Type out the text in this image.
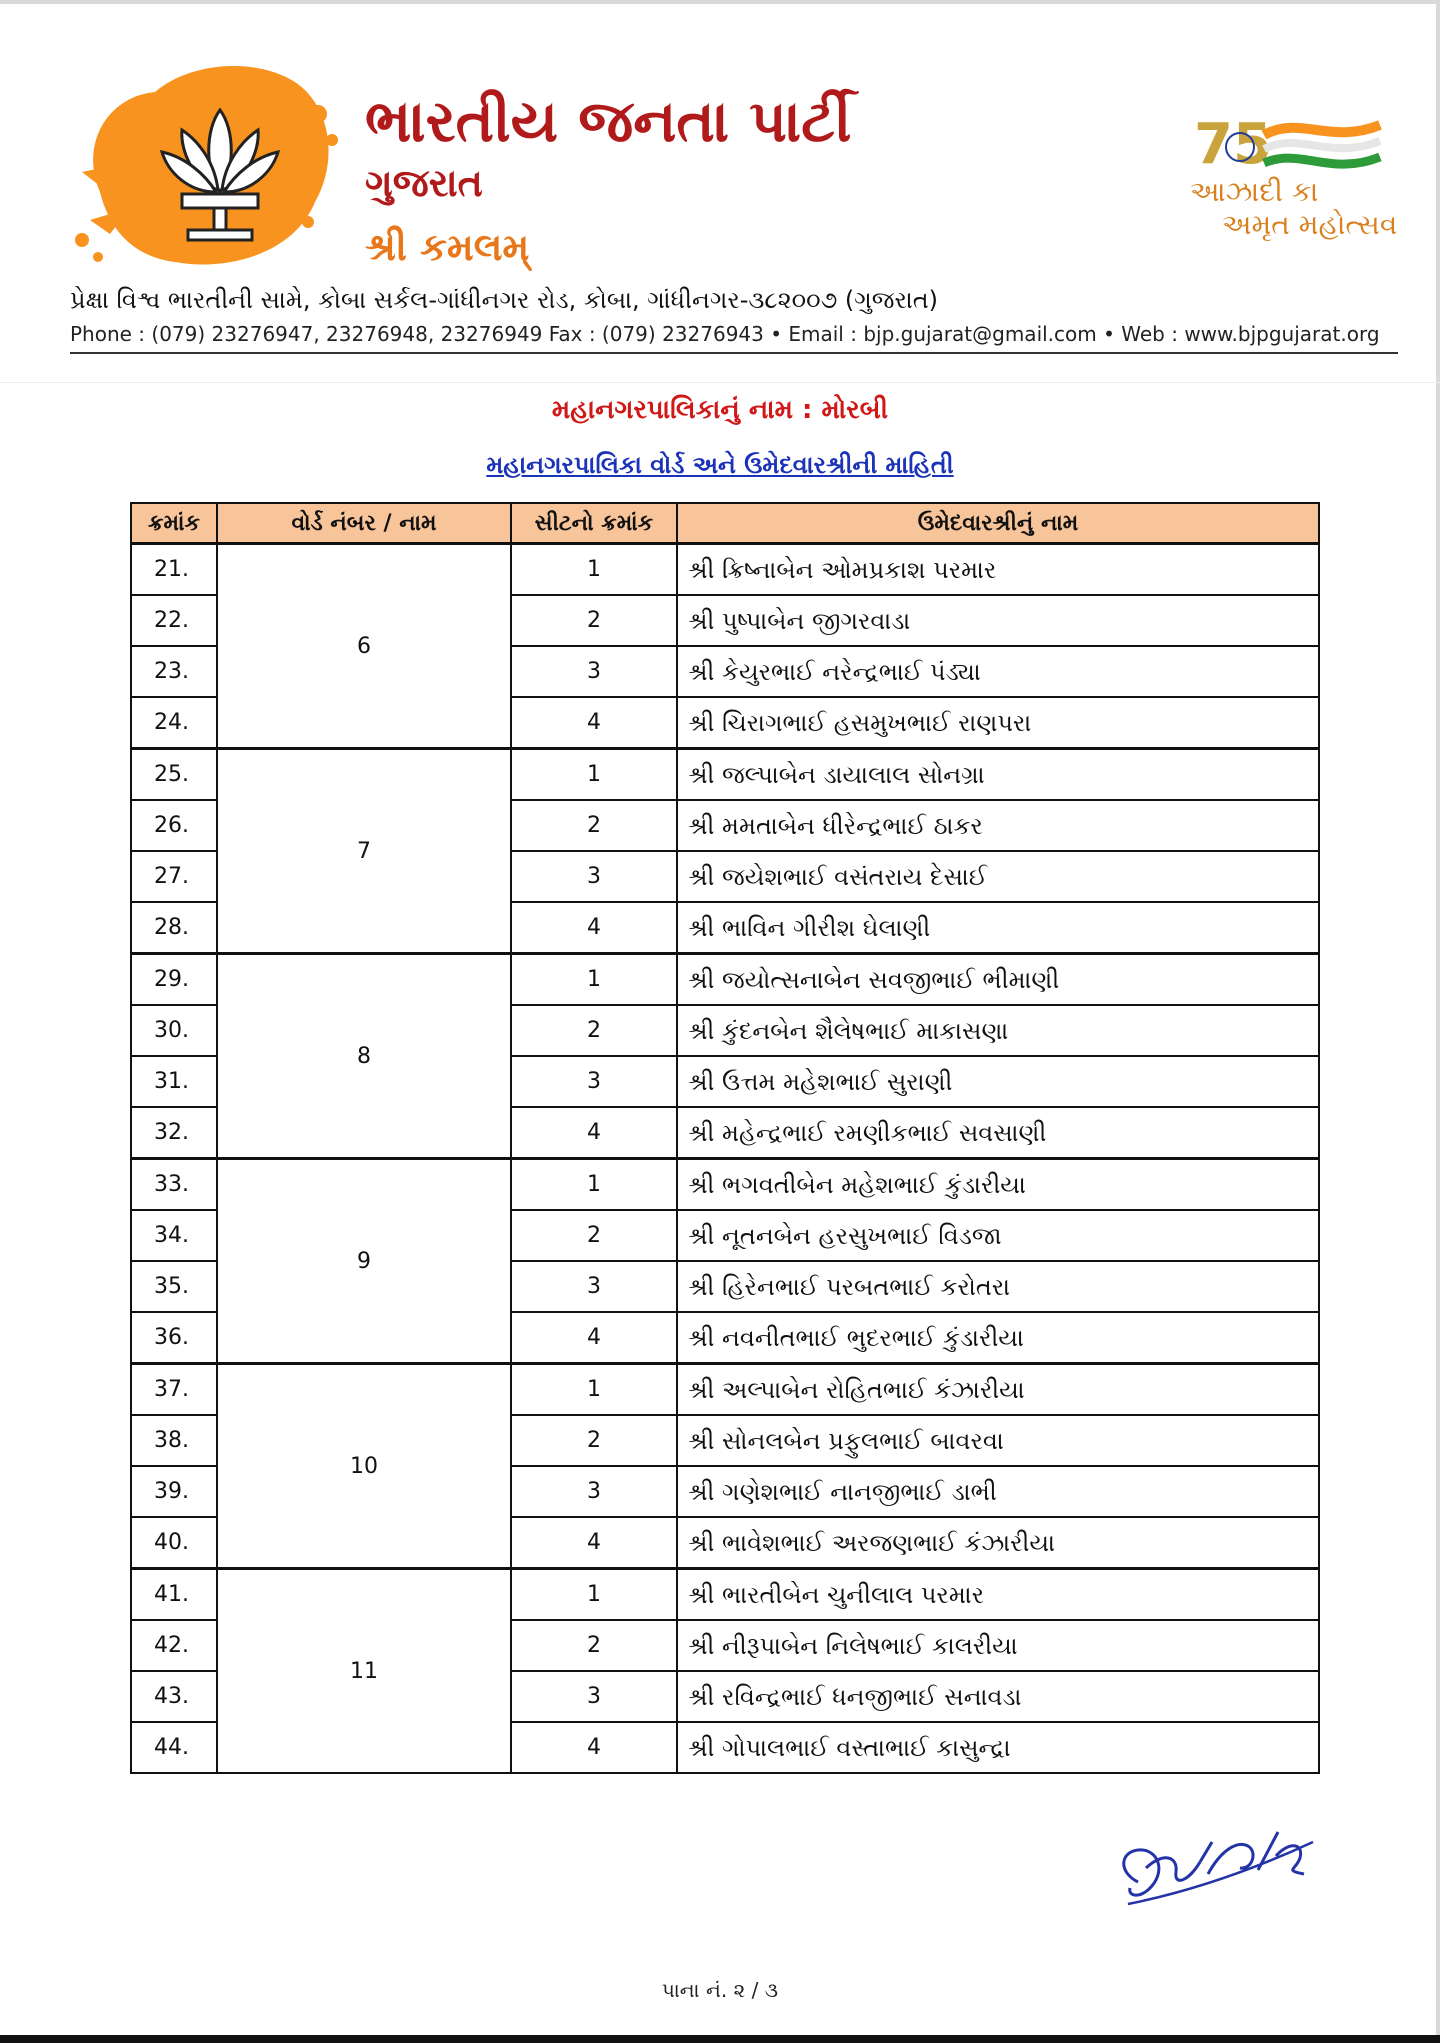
ભારતીય જનતા પાર્ટી
ગુજરાત
શ્રી કમલમ્
75
આઝાદી કા
અમૃત મહોત્સવ
પ્રેક્ષા વિશ્વ ભારતીની સામે, કોબા સર્કલ-ગાંધીનગર રોડ, કોબા, ગાંધીનગર-૩૮૨૦૦૭ (ગુજરાત)
Phone : (079) 23276947, 23276948, 23276949 Fax : (079) 23276943 • Email : bjp.gujarat@gmail.com • Web : www.bjpgujarat.org
મહાનગરપાલિકાનું નામ : મોરબી
મહાનગરપાલિકા વોર્ડ અને ઉમેદવારશ્રીની માહિતી
ક્રમાંક	વોર્ડ નંબર / નામ	સીટનો ક્રમાંક	ઉમેદવારશ્રીનું નામ
21.	6	1	શ્રી ક્રિષ્નાબેન ઓમપ્રકાશ પરમાર
22.		2	શ્રી પુષ્પાબેન જીગરવાડા
23.		3	શ્રી કેયુરભાઈ નરેન્દ્રભાઈ પંડ્યા
24.		4	શ્રી ચિરાગભાઈ હસમુખભાઈ રાણપરા
25.	7	1	શ્રી જલ્પાબેન ડાયાલાલ સોનગ્રા
26.		2	શ્રી મમતાબેન ધીરેન્દ્રભાઈ ઠાકર
27.		3	શ્રી જયેશભાઈ વસંતરાય દેસાઈ
28.		4	શ્રી ભાવિન ગીરીશ ઘેલાણી
29.	8	1	શ્રી જયોત્સનાબેન સવજીભાઈ ભીમાણી
30.		2	શ્રી કુંદનબેન શૈલેષભાઈ માકાસણા
31.		3	શ્રી ઉત્તમ મહેશભાઈ સુરાણી
32.		4	શ્રી મહેન્દ્રભાઈ રમણીકભાઈ સવસાણી
33.	9	1	શ્રી ભગવતીબેન મહેશભાઈ કુંડારીયા
34.		2	શ્રી નૂતનબેન હરસુખભાઈ વિડજા
35.		3	શ્રી હિરેનભાઈ પરબતભાઈ કરોતરા
36.		4	શ્રી નવનીતભાઈ ભુદરભાઈ કુંડારીયા
37.	10	1	શ્રી અલ્પાબેન રોહિતભાઈ કંઝારીયા
38.		2	શ્રી સોનલબેન પ્રફુલભાઈ બાવરવા
39.		3	શ્રી ગણેશભાઈ નાનજીભાઈ ડાભી
40.		4	શ્રી ભાવેશભાઈ અરજણભાઈ કંઝારીયા
41.	11	1	શ્રી ભારતીબેન ચુનીલાલ પરમાર
42.		2	શ્રી નીરૂપાબેન નિલેષભાઈ કાલરીયા
43.		3	શ્રી રવિન્દ્રભાઈ ધનજીભાઈ સનાવડા
44.		4	શ્રી ગોપાલભાઈ વસ્તાભાઈ કાસુન્દ્રા
પાના નં. ૨ / ૩
